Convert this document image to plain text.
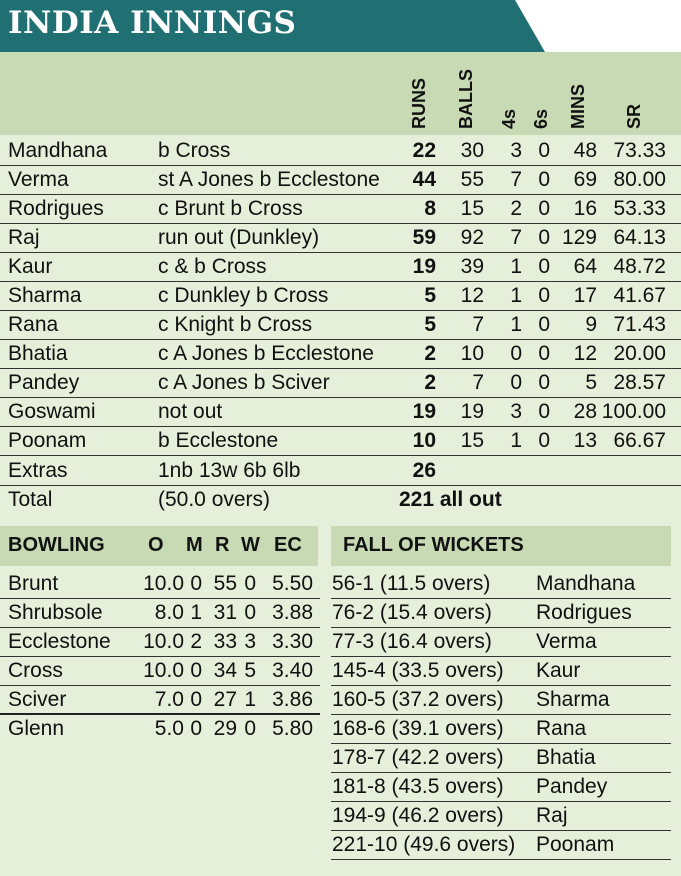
INDIA INNINGS
RUNS BALLS 4s 6s MINS SR
Mandhana b Cross	22 30 3 0 48 73.33
Verma	st A Jones b Ecclestone 44 55 7 0 69 80.00
Rodrigues	c Brunt b Cross	8 15 2 0 16 53.33
Raj	run out (Dunkley)	59 92 7 0 129 64.13
Kaur	c & b Cross	19 39 1 0 64 48.72
Sharma	c Dunkley b Cross	5 12 1 0 17 41.67
Rana	c Knight b Cross	5 7 1 0 9 71.43
Bhatia	c A Jones b Ecclestone 2 10 0 0 12 20.00
Pandey	c A Jones b Sciver	2 7 0 0 5 28.57
Goswami	not out	19 19 3 0 28 100.00
Poonam	b Ecclestone	10 15 1 0 13 66.67
Extras	1nb 13w 6b 6lb	26
Total	(50.0 overs)	221 all out
BOWLING O M R W EC FALL OF WICKETS
Brunt	10.0 0 55 0 5.50
Shrubsole 8.0 1 31 0 3.88
Ecclestone 10.0 2 33 3 3.30
Cross	10.0 0 34 5 3.40
Sciver	7.0 0 27 1 3.86
Glenn	5.0 0 29 0 5.80
56-1 (11.5 overs) Mandhana
76-2 (15.4 overs) Rodrigues
77-3 (16.4 overs) Verma
145-4 (33.5 overs) Kaur
160-5 (37.2 overs) Sharma
168-6 (39.1 overs) Rana
178-7 (42.2 overs) Bhatia
181-8 (43.5 overs) Pandey
194-9 (46.2 overs) Raj
221-10 (49.6 overs) Poonam
